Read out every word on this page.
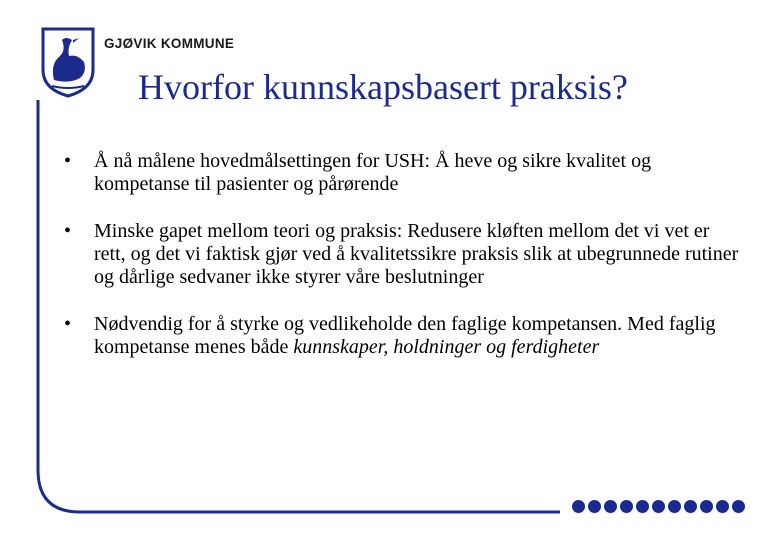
GJØVIK KOMMUNE
Hvorfor kunnskapsbasert praksis?
• Å nå målene hovedmålsettingen for USH: Å heve og sikre kvalitet og kompetanse til pasienter og pårørende
• Minske gapet mellom teori og praksis: Redusere kløften mellom det vi vet er rett, og det vi faktisk gjør ved å kvalitetssikre praksis slik at ubegrunnede rutiner og dårlige sedvaner ikke styrer våre beslutninger
• Nødvendig for å styrke og vedlikeholde den faglige kompetansen. Med faglig kompetanse menes både kunnskaper, holdninger og ferdigheter
